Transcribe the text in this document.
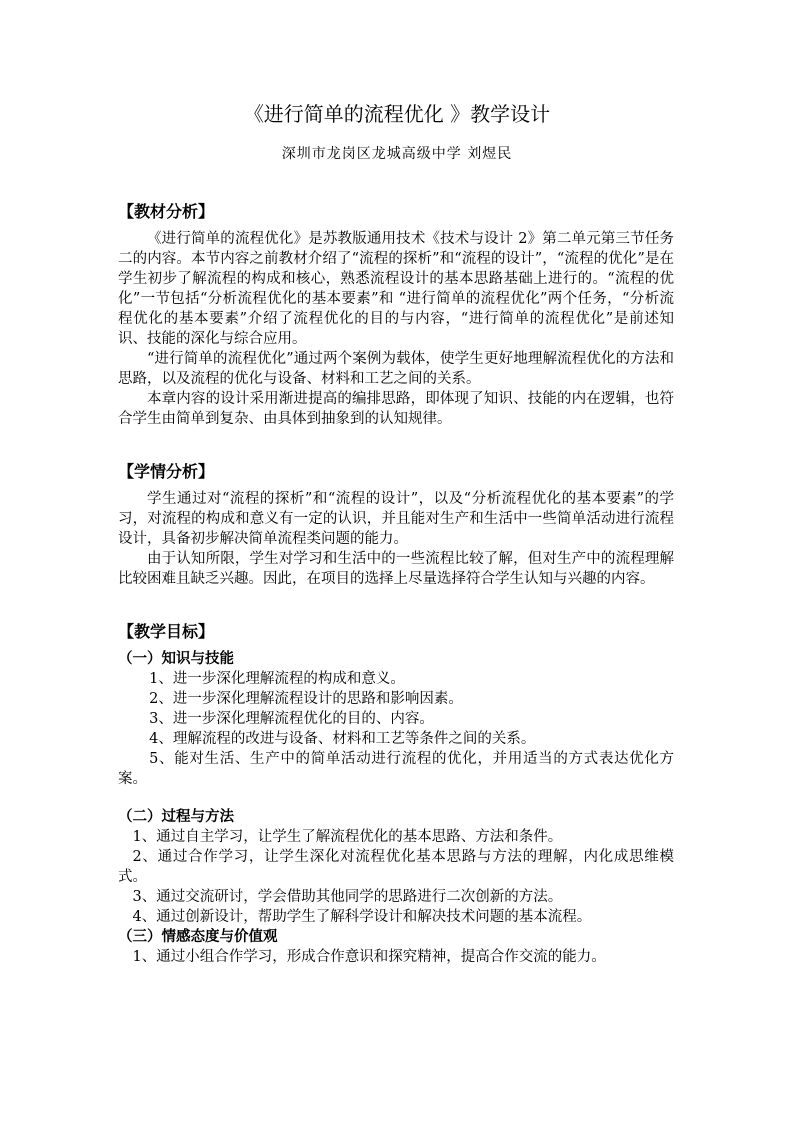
《进行简单的流程优化 》教学设计
深圳市龙岗区龙城高级中学 刘煜民

【教材分析】

《进行简单的流程优化》是苏教版通用技术《技术与设计 2》第二单元第三节任务二的内容。本节内容之前教材介绍了“流程的探析”和“流程的设计”，“流程的优化”是在学生初步了解流程的构成和核心，熟悉流程设计的基本思路基础上进行的。“流程的优化”一节包括“分析流程优化的基本要素”和 “进行简单的流程优化”两个任务，“分析流程优化的基本要素”介绍了流程优化的目的与内容，“进行简单的流程优化”是前述知识、技能的深化与综合应用。

“进行简单的流程优化”通过两个案例为载体，使学生更好地理解流程优化的方法和思路，以及流程的优化与设备、材料和工艺之间的关系。

本章内容的设计采用渐进提高的编排思路，即体现了知识、技能的内在逻辑，也符合学生由简单到复杂、由具体到抽象到的认知规律。

【学情分析】

学生通过对“流程的探析”和“流程的设计”，以及“分析流程优化的基本要素”的学习，对流程的构成和意义有一定的认识，并且能对生产和生活中一些简单活动进行流程设计，具备初步解决简单流程类问题的能力。

由于认知所限，学生对学习和生活中的一些流程比较了解，但对生产中的流程理解比较困难且缺乏兴趣。因此，在项目的选择上尽量选择符合学生认知与兴趣的内容。

【教学目标】

（一）知识与技能

1、进一步深化理解流程的构成和意义。

2、进一步深化理解流程设计的思路和影响因素。

3、进一步深化理解流程优化的目的、内容。

4、理解流程的改进与设备、材料和工艺等条件之间的关系。

5、能对生活、生产中的简单活动进行流程的优化，并用适当的方式表达优化方案。

（二）过程与方法

1、通过自主学习，让学生了解流程优化的基本思路、方法和条件。

2、通过合作学习，让学生深化对流程优化基本思路与方法的理解，内化成思维模式。

3、通过交流研讨，学会借助其他同学的思路进行二次创新的方法。

4、通过创新设计，帮助学生了解科学设计和解决技术问题的基本流程。

（三）情感态度与价值观

1、通过小组合作学习，形成合作意识和探究精神，提高合作交流的能力。
